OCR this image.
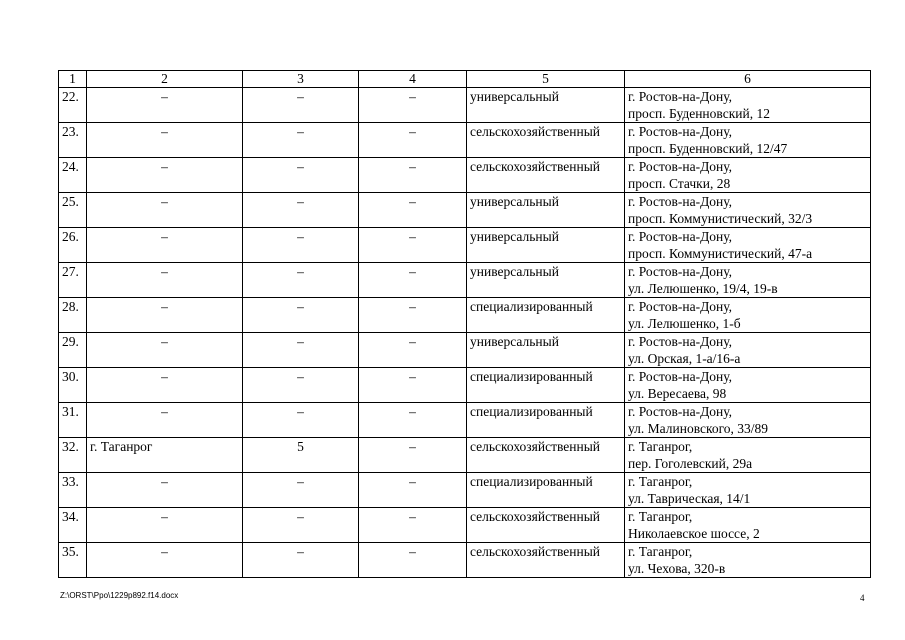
1	2	3	4	5	6
22.	–	–	–	универсальный	г. Ростов-на-Дону,
просп. Буденновский, 12

23.	–	–	–	сельскохозяйственный	г. Ростов-на-Дону,
просп. Буденновский, 12/47

24.	–	–	–	сельскохозяйственный	г. Ростов-на-Дону,
просп. Стачки, 28

25.	–	–	–	универсальный	г. Ростов-на-Дону,
просп. Коммунистический, 32/3

26.	–	–	–	универсальный	г. Ростов-на-Дону,
просп. Коммунистический, 47-а

27.	–	–	–	универсальный	г. Ростов-на-Дону,
ул. Лелюшенко, 19/4, 19-в

28.	–	–	–	специализированный	г. Ростов-на-Дону,
ул. Лелюшенко, 1-б

29.	–	–	–	универсальный	г. Ростов-на-Дону,
ул. Орская, 1-а/16-а

30.	–	–	–	специализированный	г. Ростов-на-Дону,
ул. Вересаева, 98

31.	–	–	–	специализированный	г. Ростов-на-Дону,
ул. Малиновского, 33/89

32.	г. Таганрог	5	–	сельскохозяйственный	г. Таганрог,
пер. Гоголевский, 29а

33.	–	–	–	специализированный	г. Таганрог,
ул. Таврическая, 14/1

34.	–	–	–	сельскохозяйственный	г. Таганрог,
Николаевское шоссе, 2

35.	–	–	–	сельскохозяйственный	г. Таганрог,
ул. Чехова, 320-в
Z:\ORST\Ppo\1229p892.f14.docx	4
